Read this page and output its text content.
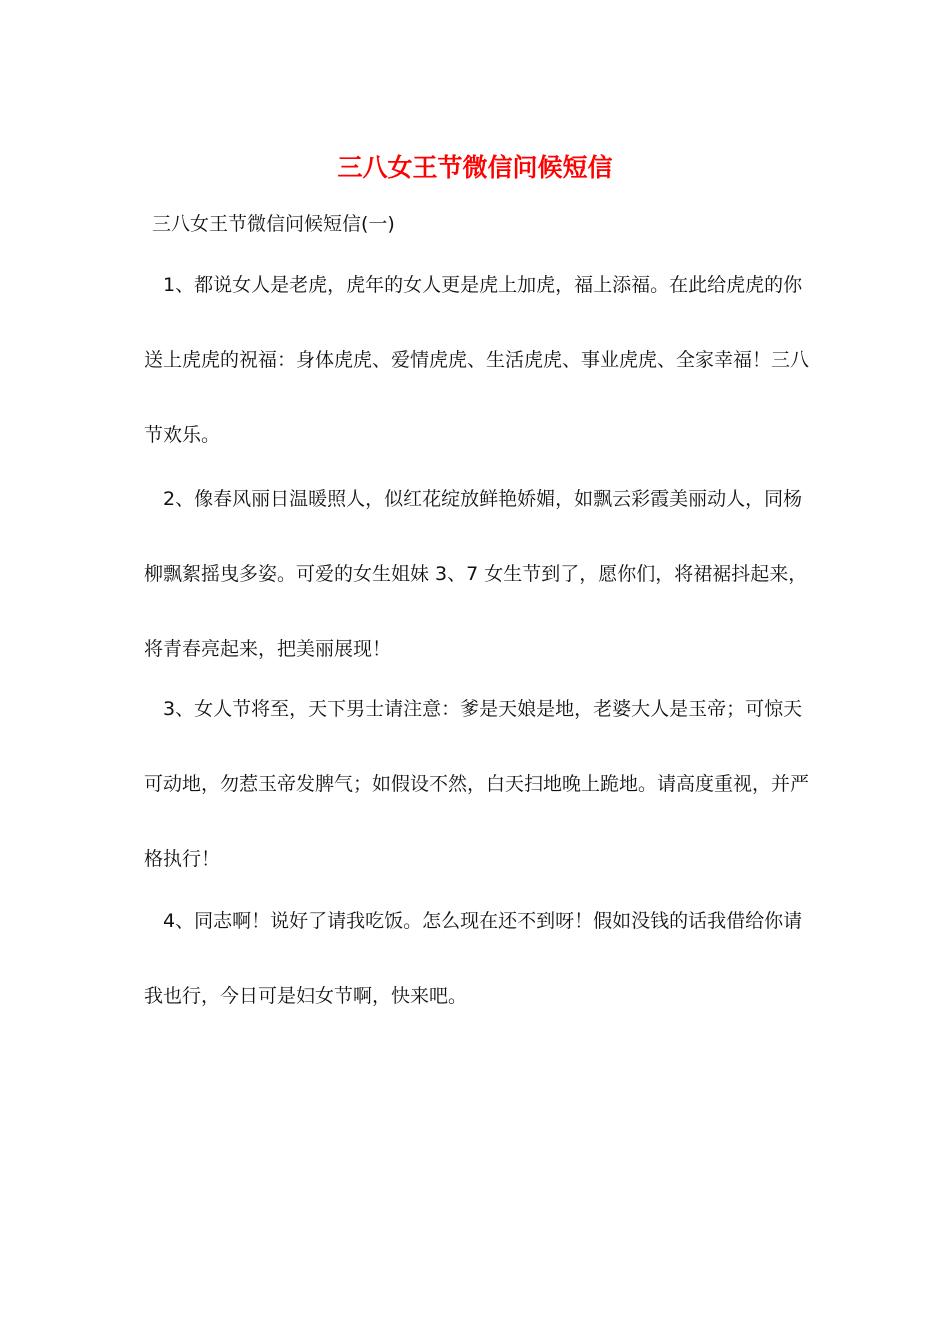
三八女王节微信问候短信
三八女王节微信问候短信(一)

1、都说女人是老虎，虎年的女人更是虎上加虎，福上添福。在此给虎虎的你送上虎虎的祝福：身体虎虎、爱情虎虎、生活虎虎、事业虎虎、全家幸福！三八节欢乐。

2、像春风丽日温暖照人，似红花绽放鲜艳娇媚，如飘云彩霞美丽动人，同杨柳飘絮摇曳多姿。可爱的女生姐妹 3、7 女生节到了，愿你们，将裙裾抖起来，将青春亮起来，把美丽展现！

3、女人节将至，天下男士请注意：爹是天娘是地，老婆大人是玉帝；可惊天可动地，勿惹玉帝发脾气；如假设不然，白天扫地晚上跪地。请高度重视，并严格执行！

4、同志啊！说好了请我吃饭。怎么现在还不到呀！假如没钱的话我借给你请我也行，今日可是妇女节啊，快来吧。
